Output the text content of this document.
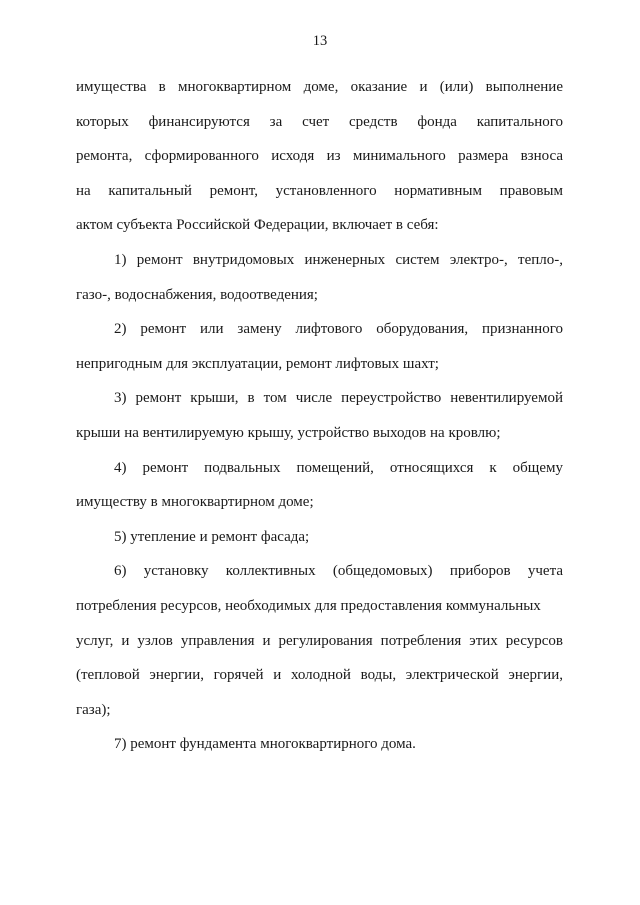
13
имущества в многоквартирном доме, оказание и (или) выполнение
которых финансируются за счет средств фонда капитального
ремонта, сформированного исходя из минимального размера взноса
на капитальный ремонт, установленного нормативным правовым
актом субъекта Российской Федерации, включает в себя:
1) ремонт внутридомовых инженерных систем электро-, тепло-,
газо-, водоснабжения, водоотведения;
2) ремонт или замену лифтового оборудования, признанного
непригодным для эксплуатации, ремонт лифтовых шахт;
3) ремонт крыши, в том числе переустройство невентилируемой
крыши на вентилируемую крышу, устройство выходов на кровлю;
4) ремонт подвальных помещений, относящихся к общему
имуществу в многоквартирном доме;
5) утепление и ремонт фасада;
6) установку коллективных (общедомовых) приборов учета
потребления ресурсов, необходимых для предоставления коммунальных
услуг, и узлов управления и регулирования потребления этих ресурсов
(тепловой энергии, горячей и холодной воды, электрической энергии,
газа);
7) ремонт фундамента многоквартирного дома.
